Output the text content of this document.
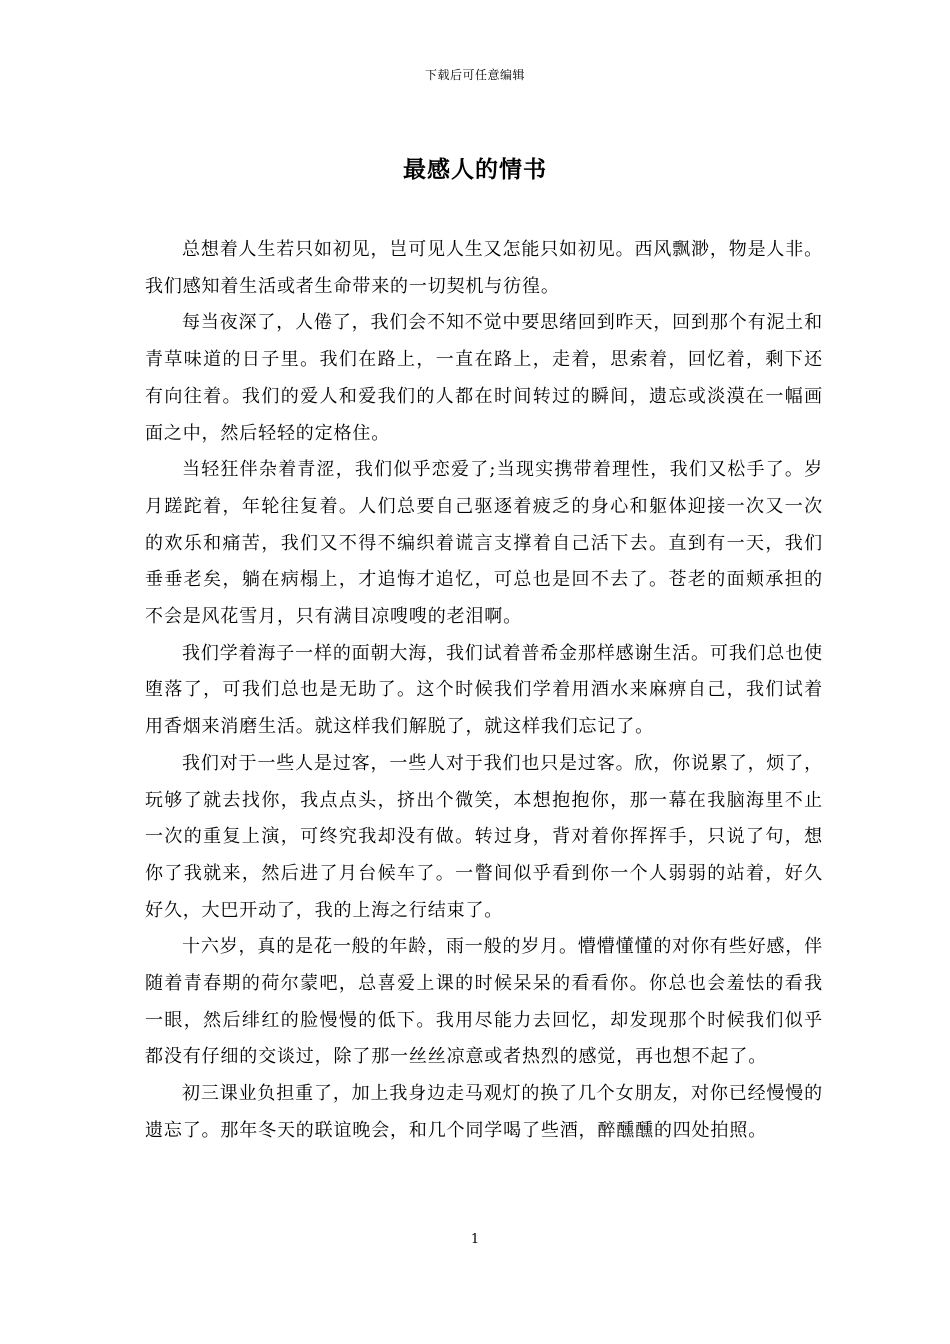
下载后可任意编辑
最感人的情书

总想着人生若只如初见，岂可见人生又怎能只如初见。西风飘渺，物是人非。我们感知着生活或者生命带来的一切契机与彷徨。

每当夜深了，人倦了，我们会不知不觉中要思绪回到昨天，回到那个有泥土和青草味道的日子里。我们在路上，一直在路上，走着，思索着，回忆着，剩下还有向往着。我们的爱人和爱我们的人都在时间转过的瞬间，遗忘或淡漠在一幅画面之中，然后轻轻的定格住。

当轻狂伴杂着青涩，我们似乎恋爱了;当现实携带着理性，我们又松手了。岁月蹉跎着，年轮往复着。人们总要自己驱逐着疲乏的身心和躯体迎接一次又一次的欢乐和痛苦，我们又不得不编织着谎言支撑着自己活下去。直到有一天，我们垂垂老矣，躺在病榻上，才追悔才追忆，可总也是回不去了。苍老的面颊承担的不会是风花雪月，只有满目凉嗖嗖的老泪啊。

我们学着海子一样的面朝大海，我们试着普希金那样感谢生活。可我们总也使堕落了，可我们总也是无助了。这个时候我们学着用酒水来麻痹自己，我们试着用香烟来消磨生活。就这样我们解脱了，就这样我们忘记了。

我们对于一些人是过客，一些人对于我们也只是过客。欣，你说累了，烦了，玩够了就去找你，我点点头，挤出个微笑，本想抱抱你，那一幕在我脑海里不止一次的重复上演，可终究我却没有做。转过身，背对着你挥挥手，只说了句，想你了我就来，然后进了月台候车了。一瞥间似乎看到你一个人弱弱的站着，好久好久，大巴开动了，我的上海之行结束了。

十六岁，真的是花一般的年龄，雨一般的岁月。懵懵懂懂的对你有些好感，伴随着青春期的荷尔蒙吧，总喜爱上课的时候呆呆的看看你。你总也会羞怯的看我一眼，然后绯红的脸慢慢的低下。我用尽能力去回忆，却发现那个时候我们似乎都没有仔细的交谈过，除了那一丝丝凉意或者热烈的感觉，再也想不起了。

初三课业负担重了，加上我身边走马观灯的换了几个女朋友，对你已经慢慢的遗忘了。那年冬天的联谊晚会，和几个同学喝了些酒，醉醺醺的四处拍照。

1
